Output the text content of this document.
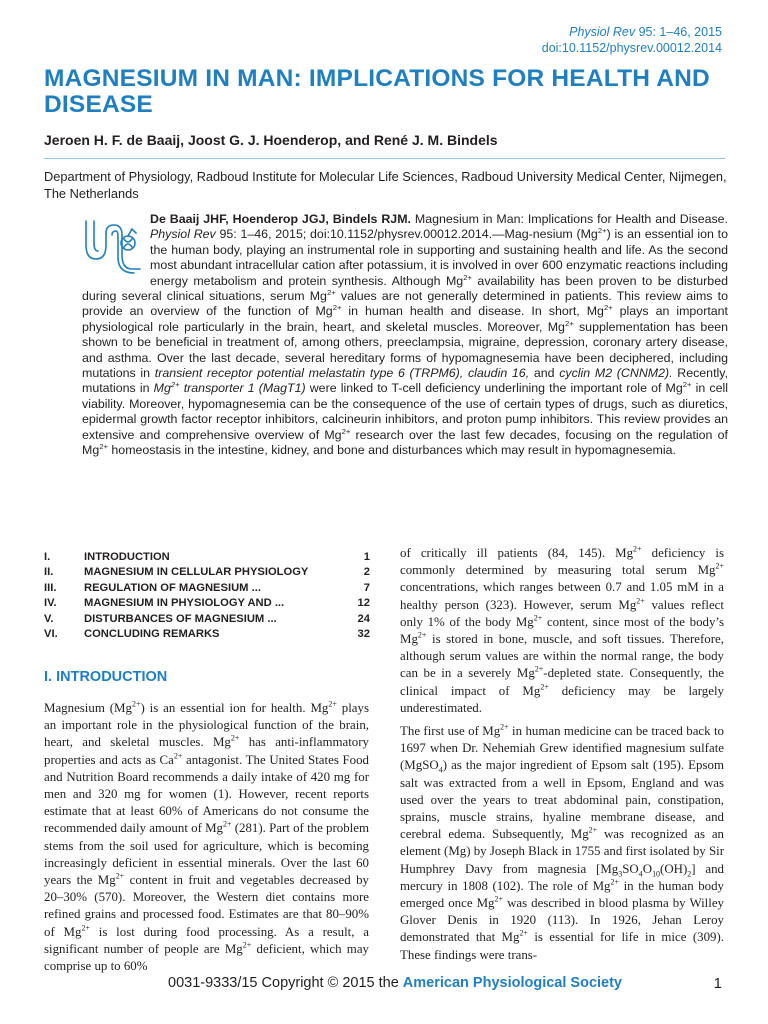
Physiol Rev 95: 1–46, 2015
doi:10.1152/physrev.00012.2014
MAGNESIUM IN MAN: IMPLICATIONS FOR HEALTH AND DISEASE
Jeroen H. F. de Baaij, Joost G. J. Hoenderop, and René J. M. Bindels
Department of Physiology, Radboud Institute for Molecular Life Sciences, Radboud University Medical Center, Nijmegen, The Netherlands
De Baaij JHF, Hoenderop JGJ, Bindels RJM. Magnesium in Man: Implications for Health and Disease. Physiol Rev 95: 1–46, 2015; doi:10.1152/physrev.00012.2014.—Mag-nesium $(Mg^{2+})$ is an essential ion to the human body, playing an instrumental role in supporting and sustaining health and life. As the second most abundant intracellular cation after potassium, it is involved in over 600 enzymatic reactions including energy metabolism and protein synthesis. Although $Mg^{2+}$ availability has been proven to be disturbed during several clinical situations, serum $Mg^{2+}$ values are not generally determined in patients. This review aims to provide an overview of the function of $Mg^{2+}$ in human health and disease. In short, $Mg^{2+}$ plays an important physiological role particularly in the brain, heart, and skeletal muscles. Moreover, $Mg^{2+}$ supplementation has been shown to be beneficial in treatment of, among others, preeclampsia, migraine, depression, coronary artery disease, and asthma. Over the last decade, several hereditary forms of hypomagnesemia have been deciphered, including mutations in transient receptor potential melastatin type 6 (TRPM6), claudin 16, and cyclin M2 (CNNM2). Recently, mutations in $Mg^{2+}$ transporter 1 (MagT1) were linked to T-cell deficiency underlining the important role of $Mg^{2+}$ in cell viability. Moreover, hypomagnesemia can be the consequence of the use of certain types of drugs, such as diuretics, epidermal growth factor receptor inhibitors, calcineurin inhibitors, and proton pump inhibitors. This review provides an extensive and comprehensive overview of $Mg^{2+}$ research over the last few decades, focusing on the regulation of $Mg^{2+}$ homeostasis in the intestine, kidney, and bone and disturbances which may result in hypomagnesemia.
I.	INTRODUCTION	1
II.	MAGNESIUM IN CELLULAR PHYSIOLOGY	2
III.	REGULATION OF MAGNESIUM ...	7
IV.	MAGNESIUM IN PHYSIOLOGY AND ...	12
V.	DISTURBANCES OF MAGNESIUM ...	24
VI.	CONCLUDING REMARKS	32
I. INTRODUCTION
Magnesium $(Mg^{2+})$ is an essential ion for health. $Mg^{2+}$ plays an important role in the physiological function of the brain, heart, and skeletal muscles. $Mg^{2+}$ has anti-inflammatory properties and acts as $Ca^{2+}$ antagonist. The United States Food and Nutrition Board recommends a daily intake of 420 mg for men and 320 mg for women (1). However, recent reports estimate that at least 60% of Americans do not consume the recommended daily amount of $Mg^{2+}$ (281). Part of the problem stems from the soil used for agriculture, which is becoming increasingly deficient in essential minerals. Over the last 60 years the $Mg^{2+}$ content in fruit and vegetables decreased by 20–30% (570). Moreover, the Western diet contains more refined grains and processed food. Estimates are that 80–90% of $Mg^{2+}$ is lost during food processing. As a result, a significant number of people are $Mg^{2+}$ deficient, which may comprise up to 60%
of critically ill patients (84, 145). $Mg^{2+}$ deficiency is commonly determined by measuring total serum $Mg^{2+}$ concentrations, which ranges between 0.7 and 1.05 mM in a healthy person (323). However, serum $Mg^{2+}$ values reflect only 1% of the body $Mg^{2+}$ content, since most of the body’s $Mg^{2+}$ is stored in bone, muscle, and soft tissues. Therefore, although serum values are within the normal range, the body can be in a severely $Mg^{2+}$-depleted state. Consequently, the clinical impact of $Mg^{2+}$ deficiency may be largely underestimated.
The first use of $Mg^{2+}$ in human medicine can be traced back to 1697 when Dr. Nehemiah Grew identified magnesium sulfate (MgSO$_4$) as the major ingredient of Epsom salt (195). Epsom salt was extracted from a well in Epsom, England and was used over the years to treat abdominal pain, constipation, sprains, muscle strains, hyaline membrane disease, and cerebral edema. Subsequently, $Mg^{2+}$ was recognized as an element (Mg) by Joseph Black in 1755 and first isolated by Sir Humphrey Davy from magnesia $[Mg_3SO_4O_{10}(OH)_2]$ and mercury in 1808 (102). The role of $Mg^{2+}$ in the human body emerged once $Mg^{2+}$ was described in blood plasma by Willey Glover Denis in 1920 (113). In 1926, Jehan Leroy demonstrated that $Mg^{2+}$ is essential for life in mice (309). These findings were trans-
0031-9333/15 Copyright © 2015 the American Physiological Society	1
